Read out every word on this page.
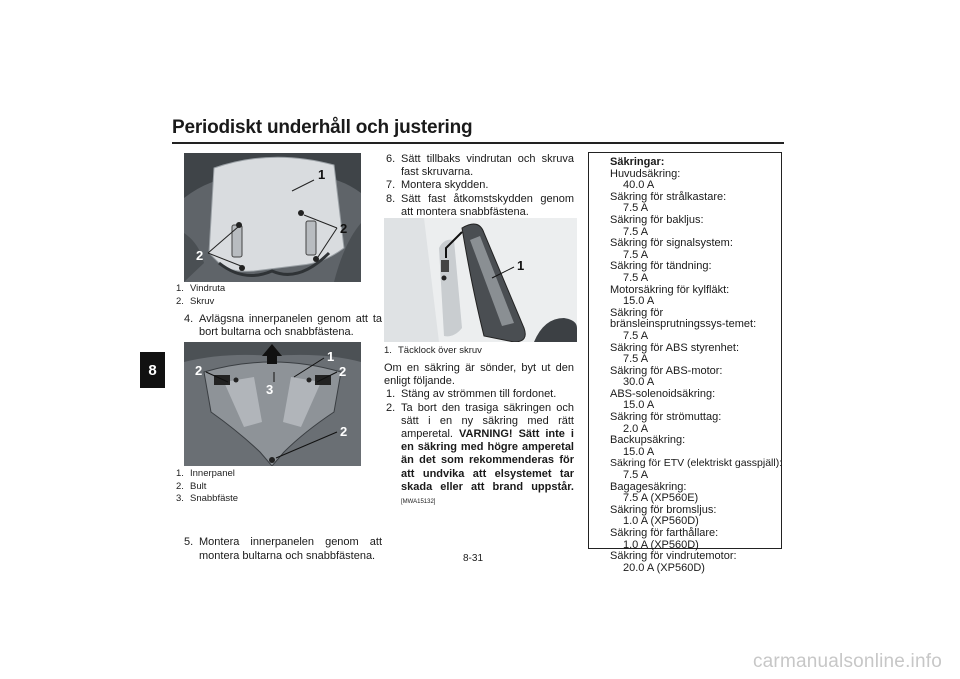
Periodiskt underhåll och justering
8
1
2
2
1. Vindruta
2. Skruv
4. Avlägsna innerpanelen genom att ta bort bultarna och snabbfästena.
1
2	2
3
2
1. Innerpanel
2. Bult
3. Snabbfäste
5. Montera innerpanelen genom att montera bultarna och snabbfästena.
6. Sätt tillbaks vindrutan och skruva fast skruvarna.
7. Montera skydden.
8. Sätt fast åtkomstskydden genom att montera snabbfästena.
1
1. Täcklock över skruv
Om en säkring är sönder, byt ut den enligt följande.
1. Stäng av strömmen till fordonet.
2. Ta bort den trasiga säkringen och sätt i en ny säkring med rätt amperetal. VARNING! Sätt inte i en säkring med högre amperetal än det som rekommenderas för att undvika att elsystemet tar skada eller att brand uppstår. [MWA15132]
Säkringar:
Huvudsäkring:
40.0 A
Säkring för strålkastare:
7.5 A
Säkring för bakljus:
7.5 A
Säkring för signalsystem:
7.5 A
Säkring för tändning:
7.5 A
Motorsäkring för kylfläkt:
15.0 A
Säkring för bränsleinsprutningssys-temet:
7.5 A
Säkring för ABS styrenhet:
7.5 A
Säkring för ABS-motor:
30.0 A
ABS-solenoidsäkring:
15.0 A
Säkring för strömuttag:
2.0 A
Backupsäkring:
15.0 A
Säkring för ETV (elektriskt gasspjäll):
7.5 A
Bagagesäkring:
7.5 A (XP560E)
Säkring för bromsljus:
1.0 A (XP560D)
Säkring för farthållare:
1.0 A (XP560D)
Säkring för vindrutemotor:
20.0 A (XP560D)
8-31
carmanualsonline.info
